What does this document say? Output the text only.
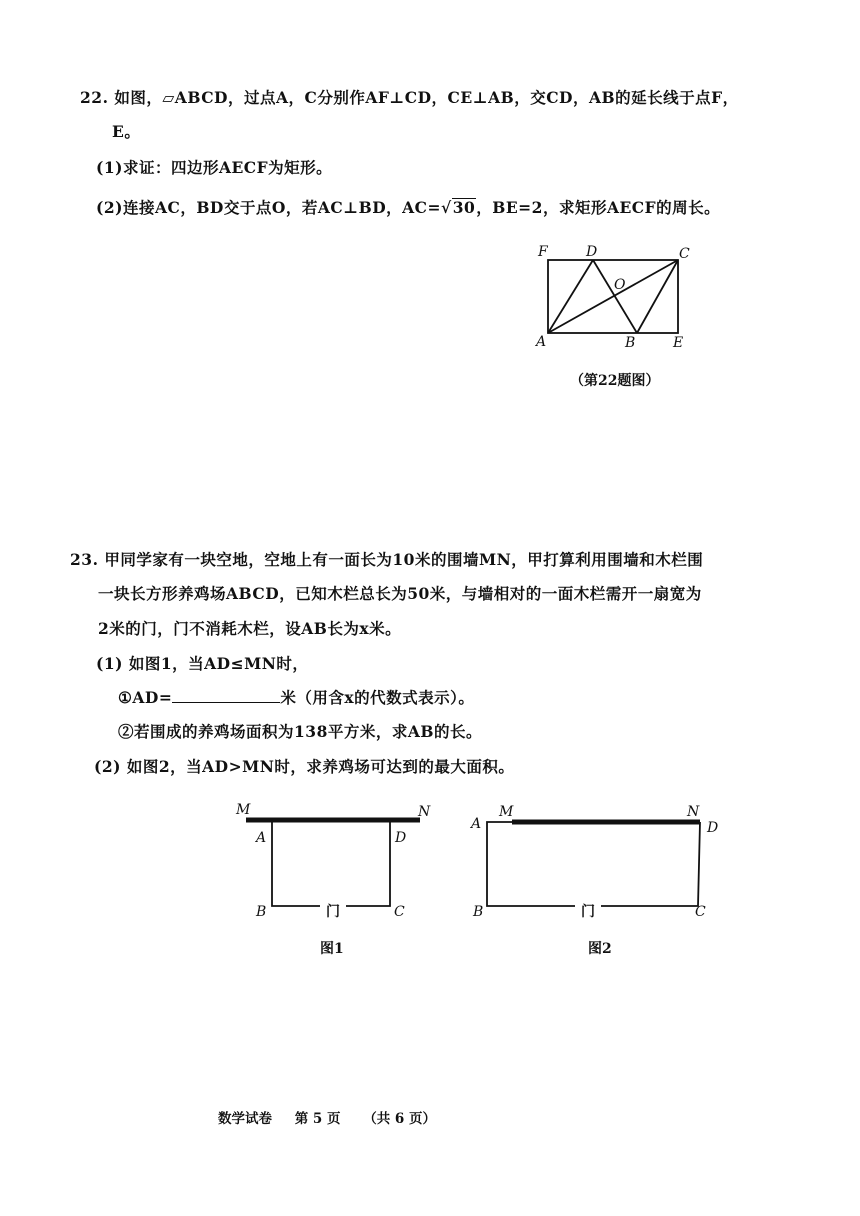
22. 如图，▱ABCD，过点A，C分别作AF⊥CD，CE⊥AB，交CD，AB的延长线于点F，
E。
(1)求证：四边形AECF为矩形。
(2)连接AC，BD交于点O，若AC⊥BD，AC=√30，BE=2，求矩形AECF的周长。
F	D	C
O
A	B	E
（第22题图）
23. 甲同学家有一块空地，空地上有一面长为10米的围墙MN，甲打算利用围墙和木栏围
一块长方形养鸡场ABCD，已知木栏总长为50米，与墙相对的一面木栏需开一扇宽为
2米的门，门不消耗木栏，设AB长为x米。
(1) 如图1，当AD≤MN时，
①AD=	米（用含x的代数式表示）。
②若围成的养鸡场面积为138平方米，求AB的长。
(2) 如图2，当AD>MN时，求养鸡场可达到的最大面积。
M	N
A	D
B	C
门
图1
M	N
A	D
B	C
门
图2
数学试卷 第 5 页 （共 6 页）
